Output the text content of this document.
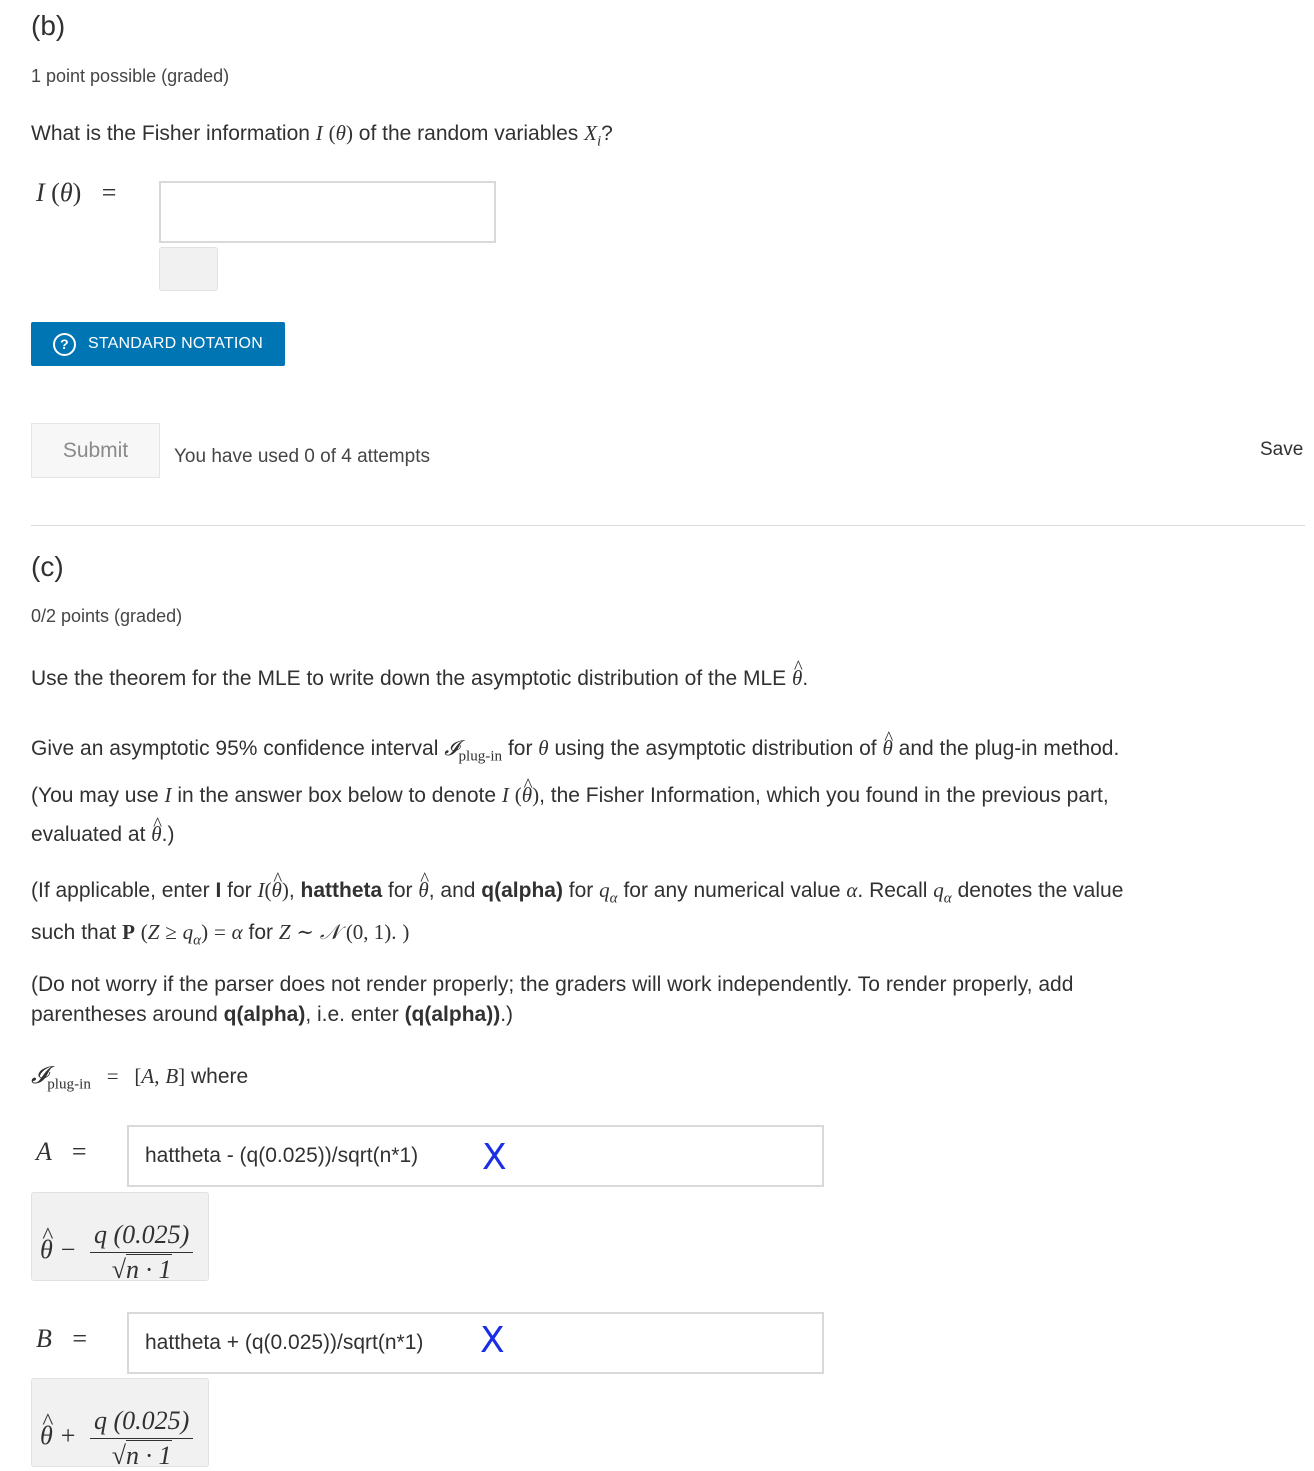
(b)
1 point possible (graded)
What is the Fisher information I (θ) of the random variables $X_i$?
I (θ) =
?	STANDARD NOTATION
Submit	You have used 0 of 4 attempts	Save
(c)
0/2 points (graded)
Use the theorem for the MLE to write down the asymptotic distribution of the MLE ^ θ.
Give an asymptotic 95% confidence interval 𝓘$_{plug-in}$ for θ using the asymptotic distribution of ^ θ and the plug-in method.
(You may use I in the answer box below to denote I (^ θ), the Fisher Information, which you found in the previous part,
evaluated at ^ θ.)
(If applicable, enter I for I(^ θ), hattheta for ^ θ, and q(alpha) for $q_\alpha$ for any numerical value α. Recall $q_\alpha$ denotes the value
such that P $(Z \ge q_\alpha) = \alpha$ for Z ∼ 𝒩 (0, 1). )
(Do not worry if the parser does not render properly; the graders will work independently. To render properly, add
parentheses around q(alpha), i.e. enter (q(alpha)).)
𝓘$_{plug-in}$ = [A, B] where
A =	hattheta - (q(0.025))/sqrt(n*1)	X
^ $\theta - \frac{q (0.025)}{√n \cdot 1}$
B =	hattheta + (q(0.025))/sqrt(n*1)	X
^ $\theta + \frac{q (0.025)}{√n \cdot 1}$
